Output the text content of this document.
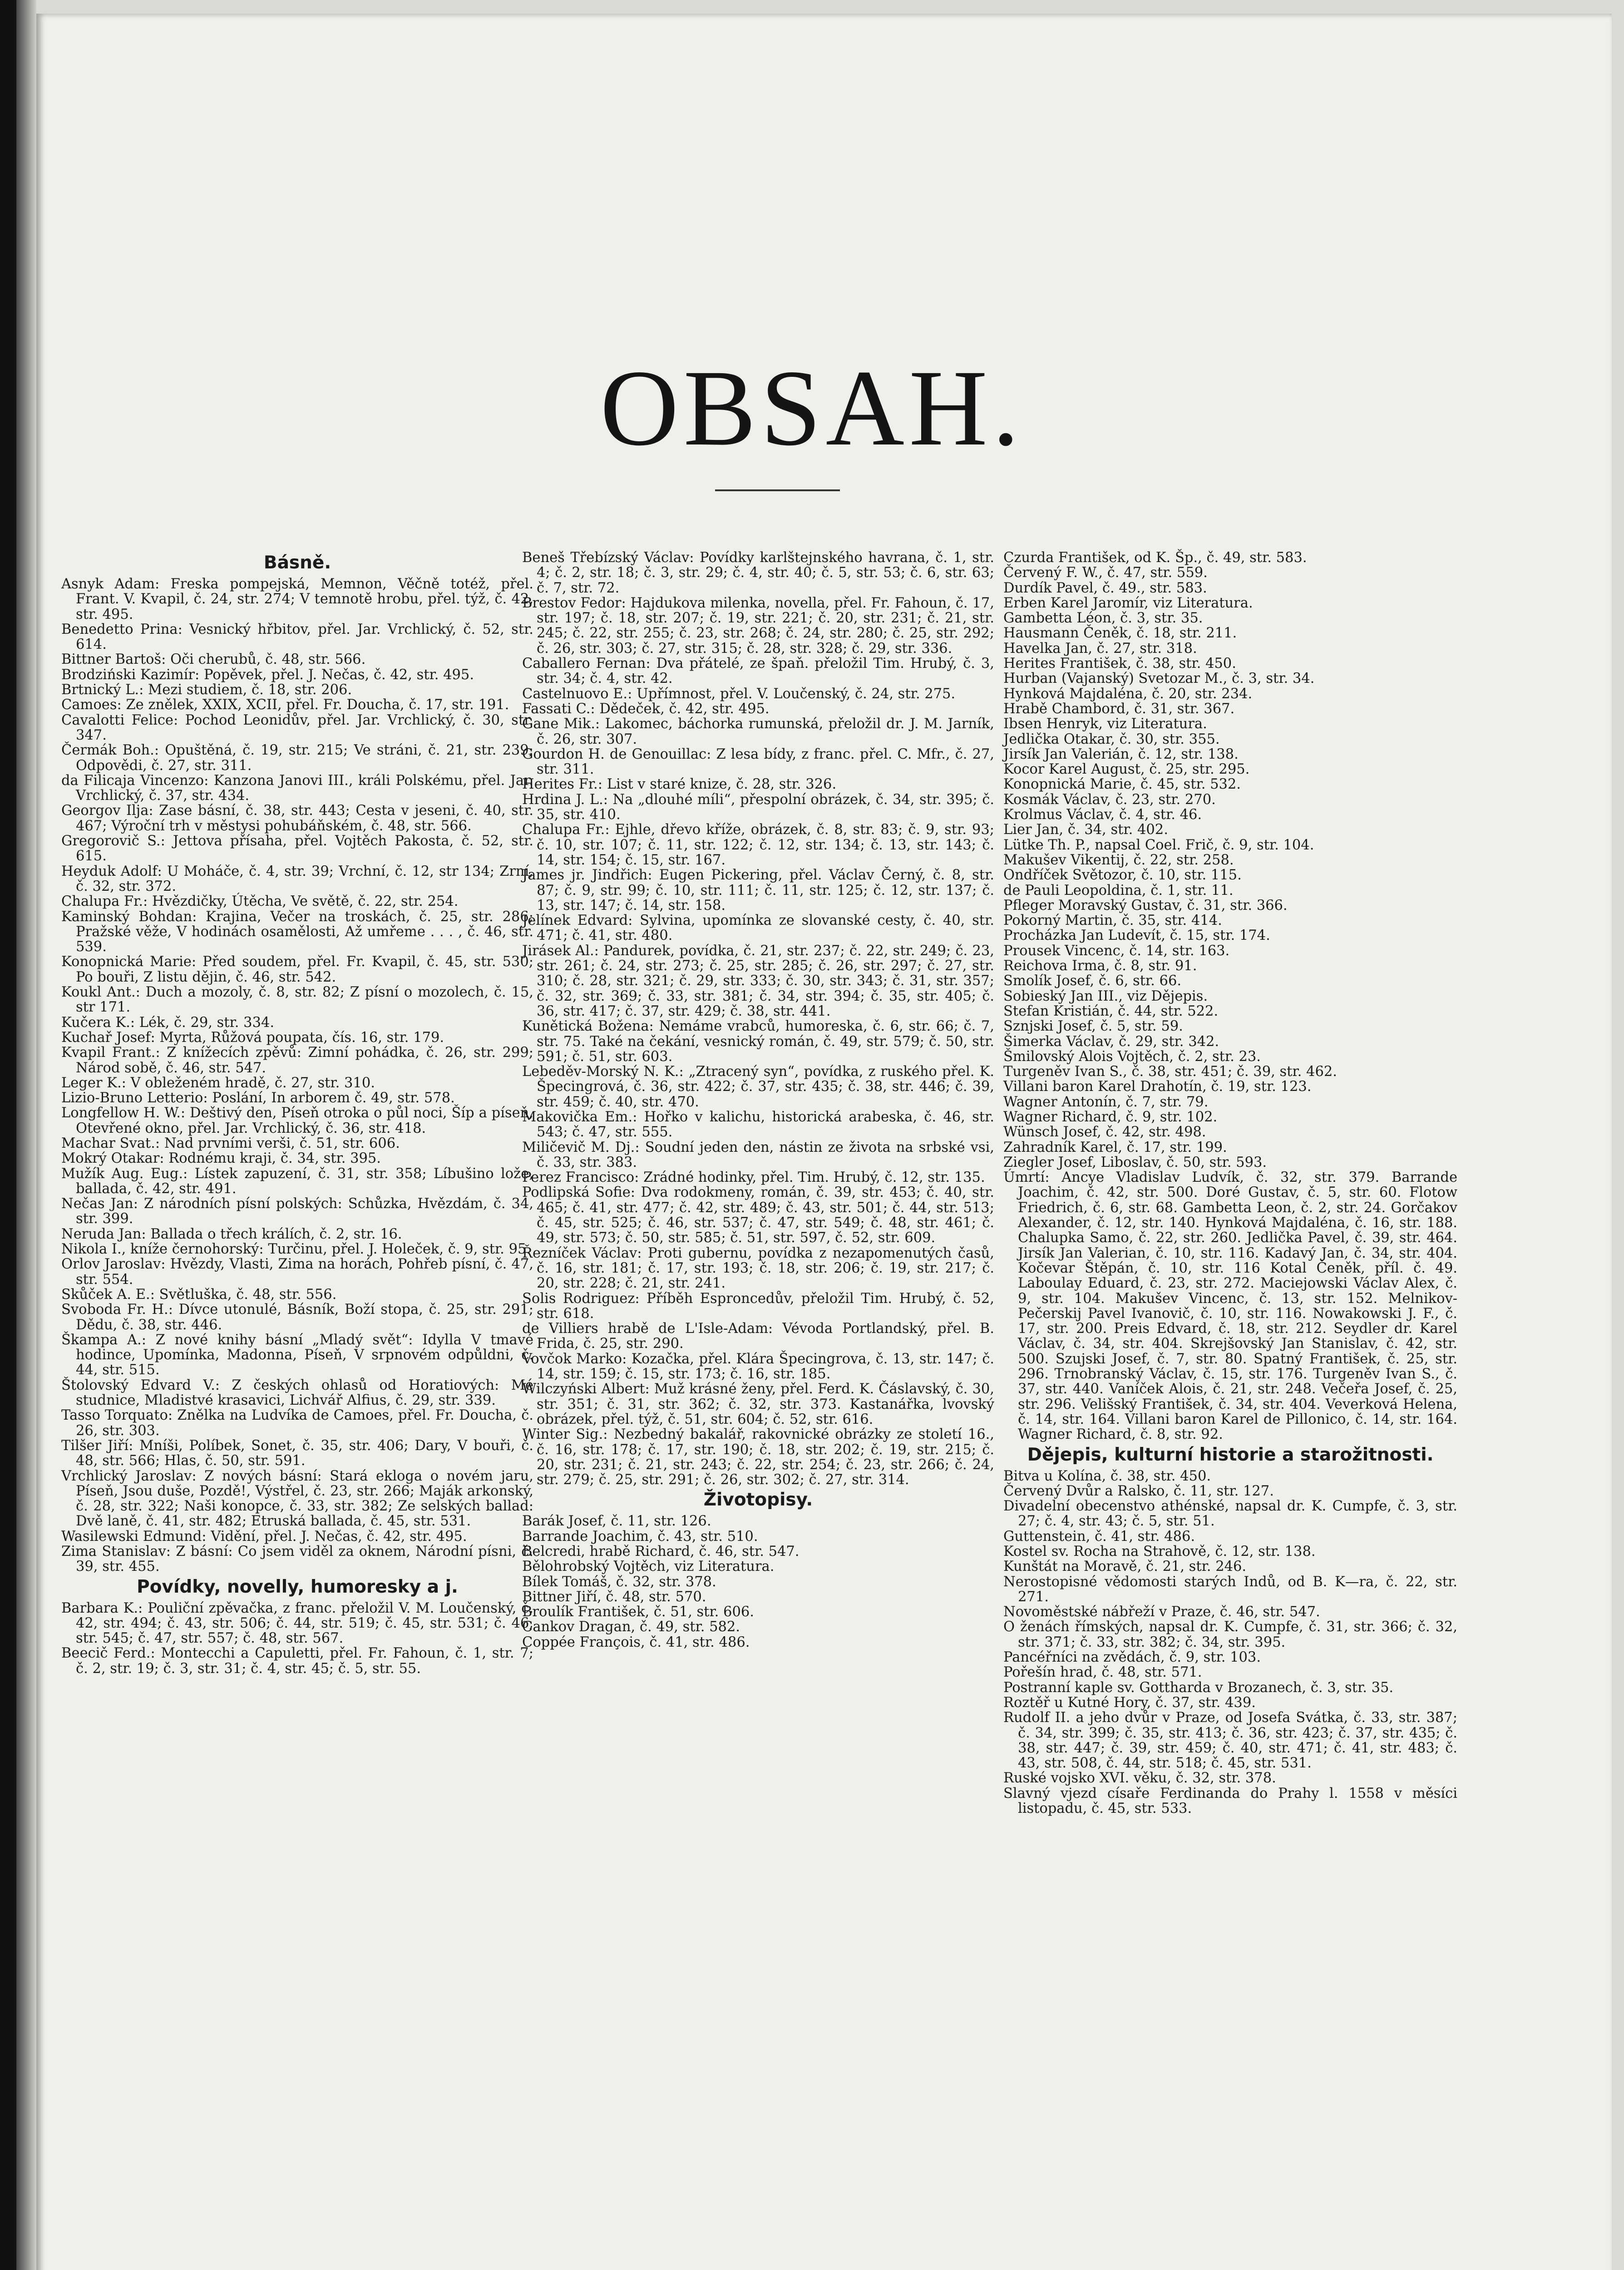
OBSAH.
Básně.

Asnyk Adam: Freska pompejská, Memnon, Věčně totéž, přel. Frant. V. Kvapil, č. 24, str. 274; V temnotě hrobu, přel. týž, č. 42, str. 495.

Benedetto Prina: Vesnický hřbitov, přel. Jar. Vrchlický, č. 52, str. 614.

Bittner Bartoš: Oči cherubů, č. 48, str. 566.

Brodziński Kazimír: Popěvek, přel. J. Nečas, č. 42, str. 495.

Brtnický L.: Mezi studiem, č. 18, str. 206.

Camoes: Ze znělek, XXIX, XCII, přel. Fr. Doucha, č. 17, str. 191.

Cavalotti Felice: Pochod Leonidův, přel. Jar. Vrchlický, č. 30, str. 347.

Čermák Boh.: Opuštěná, č. 19, str. 215; Ve stráni, č. 21, str. 239; Odpovědi, č. 27, str. 311.

da Filicaja Vincenzo: Kanzona Janovi III., králi Polskému, přel. Jar. Vrchlický, č. 37, str. 434.

Georgov Ilja: Zase básní, č. 38, str. 443; Cesta v jeseni, č. 40, str. 467; Výroční trh v městysi pohubáňském, č. 48, str. 566.

Gregorovič S.: Jettova přísaha, přel. Vojtěch Pakosta, č. 52, str. 615.

Heyduk Adolf: U Moháče, č. 4, str. 39; Vrchní, č. 12, str 134; Zrní, č. 32, str. 372.

Chalupa Fr.: Hvězdičky, Útěcha, Ve světě, č. 22, str. 254.

Kaminský Bohdan: Krajina, Večer na troskách, č. 25, str. 286; Pražské věže, V hodinách osamělosti, Až umřeme . . . , č. 46, str. 539.

Konopnická Marie: Před soudem, přel. Fr. Kvapil, č. 45, str. 530; Po bouři, Z listu dějin, č. 46, str. 542.

Koukl Ant.: Duch a mozoly, č. 8, str. 82; Z písní o mozolech, č. 15, str 171.

Kučera K.: Lék, č. 29, str. 334.

Kuchař Josef: Myrta, Růžová poupata, čís. 16, str. 179.

Kvapil Frant.: Z knížecích zpěvů: Zimní pohádka, č. 26, str. 299; Národ sobě, č. 46, str. 547.

Leger K.: V obleženém hradě, č. 27, str. 310.

Lizio-Bruno Letterio: Poslání, In arborem č. 49, str. 578.

Longfellow H. W.: Deštivý den, Píseň otroka o půl noci, Šíp a píseň, Otevřené okno, přel. Jar. Vrchlický, č. 36, str. 418.

Machar Svat.: Nad prvními verši, č. 51, str. 606.

Mokrý Otakar: Rodnému kraji, č. 34, str. 395.

Mužík Aug. Eug.: Lístek zapuzení, č. 31, str. 358; Líbušino lože, ballada, č. 42, str. 491.

Nečas Jan: Z národních písní polských: Schůzka, Hvězdám, č. 34, str. 399.

Neruda Jan: Ballada o třech králích, č. 2, str. 16.

Nikola I., kníže černohorský: Turčinu, přel. J. Holeček, č. 9, str. 95.

Orlov Jaroslav: Hvězdy, Vlasti, Zima na horách, Pohřeb písní, č. 47, str. 554.

Skůček A. E.: Světluška, č. 48, str. 556.

Svoboda Fr. H.: Dívce utonulé, Básník, Boží stopa, č. 25, str. 291; Dědu, č. 38, str. 446.

Škampa A.: Z nové knihy básní „Mladý svět“: Idylla V tmavé hodince, Upomínka, Madonna, Píseň, V srpnovém odpůldni, č. 44, str. 515.

Štolovský Edvard V.: Z českých ohlasů od Horatiových: Mé studnice, Mladistvé krasavici, Lichvář Alfius, č. 29, str. 339.

Tasso Torquato: Znělka na Ludvíka de Camoes, přel. Fr. Doucha, č. 26, str. 303.

Tilšer Jiří: Mníši, Políbek, Sonet, č. 35, str. 406; Dary, V bouři, č. 48, str. 566; Hlas, č. 50, str. 591.

Vrchlický Jaroslav: Z nových básní: Stará ekloga o novém jaru, Píseň, Jsou duše, Pozdě!, Výstřel, č. 23, str. 266; Maják arkonský, č. 28, str. 322; Naši konopce, č. 33, str. 382; Ze selských ballad: Dvě laně, č. 41, str. 482; Etruská ballada, č. 45, str. 531.

Wasilewski Edmund: Vidění, přel. J. Nečas, č. 42, str. 495.

Zima Stanislav: Z básní: Co jsem viděl za oknem, Národní písni, č. 39, str. 455.

Povídky, novelly, humoresky a j.

Barbara K.: Pouliční zpěvačka, z franc. přeložil V. M. Loučenský, č. 42, str. 494; č. 43, str. 506; č. 44, str. 519; č. 45, str. 531; č. 46, str. 545; č. 47, str. 557; č. 48, str. 567.

Beecič Ferd.: Montecchi a Capuletti, přel. Fr. Fahoun, č. 1, str. 7; č. 2, str. 19; č. 3, str. 31; č. 4, str. 45; č. 5, str. 55.

Beneš Třebízský Václav: Povídky karlštejnského havrana, č. 1, str. 4; č. 2, str. 18; č. 3, str. 29; č. 4, str. 40; č. 5, str. 53; č. 6, str. 63; č. 7, str. 72.

Brestov Fedor: Hajdukova milenka, novella, přel. Fr. Fahoun, č. 17, str. 197; č. 18, str. 207; č. 19, str. 221; č. 20, str. 231; č. 21, str. 245; č. 22, str. 255; č. 23, str. 268; č. 24, str. 280; č. 25, str. 292; č. 26, str. 303; č. 27, str. 315; č. 28, str. 328; č. 29, str. 336.

Caballero Fernan: Dva přátelé, ze špaň. přeložil Tim. Hrubý, č. 3, str. 34; č. 4, str. 42.

Castelnuovo E.: Upřímnost, přel. V. Loučenský, č. 24, str. 275.

Fassati C.: Dědeček, č. 42, str. 495.

Gane Mik.: Lakomec, báchorka rumunská, přeložil dr. J. M. Jarník, č. 26, str. 307.

Gourdon H. de Genouillac: Z lesa bídy, z franc. přel. C. Mfr., č. 27, str. 311.

Herites Fr.: List v staré knize, č. 28, str. 326.

Hrdina J. L.: Na „dlouhé míli“, přespolní obrázek, č. 34, str. 395; č. 35, str. 410.

Chalupa Fr.: Ejhle, dřevo kříže, obrázek, č. 8, str. 83; č. 9, str. 93; č. 10, str. 107; č. 11, str. 122; č. 12, str. 134; č. 13, str. 143; č. 14, str. 154; č. 15, str. 167.

James jr. Jindřich: Eugen Pickering, přel. Václav Černý, č. 8, str. 87; č. 9, str. 99; č. 10, str. 111; č. 11, str. 125; č. 12, str. 137; č. 13, str. 147; č. 14, str. 158.

Jelínek Edvard: Sylvina, upomínka ze slovanské cesty, č. 40, str. 471; č. 41, str. 480.

Jirásek Al.: Pandurek, povídka, č. 21, str. 237; č. 22, str. 249; č. 23, str. 261; č. 24, str. 273; č. 25, str. 285; č. 26, str. 297; č. 27, str. 310; č. 28, str. 321; č. 29, str. 333; č. 30, str. 343; č. 31, str. 357; č. 32, str. 369; č. 33, str. 381; č. 34, str. 394; č. 35, str. 405; č. 36, str. 417; č. 37, str. 429; č. 38, str. 441.

Kunětická Božena: Nemáme vrabců, humoreska, č. 6, str. 66; č. 7, str. 75. Také na čekání, vesnický román, č. 49, str. 579; č. 50, str. 591; č. 51, str. 603.

Lebeděv-Morský N. K.: „Ztracený syn“, povídka, z ruského přel. K. Špecingrová, č. 36, str. 422; č. 37, str. 435; č. 38, str. 446; č. 39, str. 459; č. 40, str. 470.

Makovička Em.: Hořko v kalichu, historická arabeska, č. 46, str. 543; č. 47, str. 555.

Miličevič M. Dj.: Soudní jeden den, nástin ze života na srbské vsi, č. 33, str. 383.

Perez Francisco: Zrádné hodinky, přel. Tim. Hrubý, č. 12, str. 135.

Podlipská Sofie: Dva rodokmeny, román, č. 39, str. 453; č. 40, str. 465; č. 41, str. 477; č. 42, str. 489; č. 43, str. 501; č. 44, str. 513; č. 45, str. 525; č. 46, str. 537; č. 47, str. 549; č. 48, str. 461; č. 49, str. 573; č. 50, str. 585; č. 51, str. 597, č. 52, str. 609.

Řezníček Václav: Proti gubernu, povídka z nezapomenutých časů, č. 16, str. 181; č. 17, str. 193; č. 18, str. 206; č. 19, str. 217; č. 20, str. 228; č. 21, str. 241.

Solis Rodriguez: Příběh Esproncedův, přeložil Tim. Hrubý, č. 52, str. 618.

de Villiers hrabě de L'Isle-Adam: Vévoda Portlandský, přel. B. Frida, č. 25, str. 290.

Vovčok Marko: Kozačka, přel. Klára Špecingrova, č. 13, str. 147; č. 14, str. 159; č. 15, str. 173; č. 16, str. 185.

Wilczyński Albert: Muž krásné ženy, přel. Ferd. K. Čáslavský, č. 30, str. 351; č. 31, str. 362; č. 32, str. 373. Kastanářka, lvovský obrázek, přel. týž, č. 51, str. 604; č. 52, str. 616.

Winter Sig.: Nezbedný bakalář, rakovnické obrázky ze století 16., č. 16, str. 178; č. 17, str. 190; č. 18, str. 202; č. 19, str. 215; č. 20, str. 231; č. 21, str. 243; č. 22, str. 254; č. 23, str. 266; č. 24, str. 279; č. 25, str. 291; č. 26, str. 302; č. 27, str. 314.

Životopisy.

Barák Josef, č. 11, str. 126.

Barrande Joachim, č. 43, str. 510.

Belcredi, hrabě Richard, č. 46, str. 547.

Bělohrobský Vojtěch, viz Literatura.

Bílek Tomáš, č. 32, str. 378.

Bittner Jiří, č. 48, str. 570.

Broulík František, č. 51, str. 606.

Cankov Dragan, č. 49, str. 582.

Coppée François, č. 41, str. 486.

Czurda František, od K. Šp., č. 49, str. 583.

Červený F. W., č. 47, str. 559.

Durdík Pavel, č. 49., str. 583.

Erben Karel Jaromír, viz Literatura.

Gambetta Léon, č. 3, str. 35.

Hausmann Čeněk, č. 18, str. 211.

Havelka Jan, č. 27, str. 318.

Herites František, č. 38, str. 450.

Hurban (Vajanský) Svetozar M., č. 3, str. 34.

Hynková Majdaléna, č. 20, str. 234.

Hrabě Chambord, č. 31, str. 367.

Ibsen Henryk, viz Literatura.

Jedlička Otakar, č. 30, str. 355.

Jirsík Jan Valerián, č. 12, str. 138.

Kocor Karel August, č. 25, str. 295.

Konopnická Marie, č. 45, str. 532.

Kosmák Václav, č. 23, str. 270.

Krolmus Václav, č. 4, str. 46.

Lier Jan, č. 34, str. 402.

Lütke Th. P., napsal Coel. Frič, č. 9, str. 104.

Makušev Vikentij, č. 22, str. 258.

Ondříček Světozor, č. 10, str. 115.

de Pauli Leopoldina, č. 1, str. 11.

Pfleger Moravský Gustav, č. 31, str. 366.

Pokorný Martin, č. 35, str. 414.

Procházka Jan Ludevít, č. 15, str. 174.

Prousek Vincenc, č. 14, str. 163.

Reichova Irma, č. 8, str. 91.

Smolík Josef, č. 6, str. 66.

Sobieský Jan III., viz Dějepis.

Stefan Kristián, č. 44, str. 522.

Sznjski Josef, č. 5, str. 59.

Šimerka Václav, č. 29, str. 342.

Šmilovský Alois Vojtěch, č. 2, str. 23.

Turgeněv Ivan S., č. 38, str. 451; č. 39, str. 462.

Villani baron Karel Drahotín, č. 19, str. 123.

Wagner Antonín, č. 7, str. 79.

Wagner Richard, č. 9, str. 102.

Wünsch Josef, č. 42, str. 498.

Zahradník Karel, č. 17, str. 199.

Ziegler Josef, Liboslav, č. 50, str. 593.

Úmrtí: Ancye Vladislav Ludvík, č. 32, str. 379. Barrande Joachim, č. 42, str. 500. Doré Gustav, č. 5, str. 60. Flotow Friedrich, č. 6, str. 68. Gambetta Leon, č. 2, str. 24. Gorčakov Alexander, č. 12, str. 140. Hynková Majdaléna, č. 16, str. 188. Chalupka Samo, č. 22, str. 260. Jedlička Pavel, č. 39, str. 464. Jirsík Jan Valerian, č. 10, str. 116. Kadavý Jan, č. 34, str. 404. Kočevar Štěpán, č. 10, str. 116 Kotal Čeněk, příl. č. 49. Laboulay Eduard, č. 23, str. 272. Maciejowski Václav Alex, č. 9, str. 104. Makušev Vincenc, č. 13, str. 152. Melnikov-Pečerskij Pavel Ivanovič, č. 10, str. 116. Nowakowski J. F., č. 17, str. 200. Preis Edvard, č. 18, str. 212. Seydler dr. Karel Václav, č. 34, str. 404. Skrejšovský Jan Stanislav, č. 42, str. 500. Szujski Josef, č. 7, str. 80. Spatný František, č. 25, str. 296. Trnobranský Václav, č. 15, str. 176. Turgeněv Ivan S., č. 37, str. 440. Vaníček Alois, č. 21, str. 248. Večeřa Josef, č. 25, str. 296. Velišský František, č. 34, str. 404. Veverková Helena, č. 14, str. 164. Villani baron Karel de Pillonico, č. 14, str. 164. Wagner Richard, č. 8, str. 92.

Dějepis, kulturní historie a starožitnosti.

Bitva u Kolína, č. 38, str. 450.

Červený Dvůr a Ralsko, č. 11, str. 127.

Divadelní obecenstvo athénské, napsal dr. K. Cumpfe, č. 3, str. 27; č. 4, str. 43; č. 5, str. 51.

Guttenstein, č. 41, str. 486.

Kostel sv. Rocha na Strahově, č. 12, str. 138.

Kunštát na Moravě, č. 21, str. 246.

Nerostopisné vědomosti starých Indů, od B. K—ra, č. 22, str. 271.

Novoměstské nábřeží v Praze, č. 46, str. 547.

O ženách římských, napsal dr. K. Cumpfe, č. 31, str. 366; č. 32, str. 371; č. 33, str. 382; č. 34, str. 395.

Pancéřníci na zvědách, č. 9, str. 103.

Pořešín hrad, č. 48, str. 571.

Postranní kaple sv. Gottharda v Brozanech, č. 3, str. 35.

Roztěř u Kutné Hory, č. 37, str. 439.

Rudolf II. a jeho dvůr v Praze, od Josefa Svátka, č. 33, str. 387; č. 34, str. 399; č. 35, str. 413; č. 36, str. 423; č. 37, str. 435; č. 38, str. 447; č. 39, str. 459; č. 40, str. 471; č. 41, str. 483; č. 43, str. 508, č. 44, str. 518; č. 45, str. 531.

Ruské vojsko XVI. věku, č. 32, str. 378.

Slavný vjezd císaře Ferdinanda do Prahy l. 1558 v měsíci listopadu, č. 45, str. 533.
